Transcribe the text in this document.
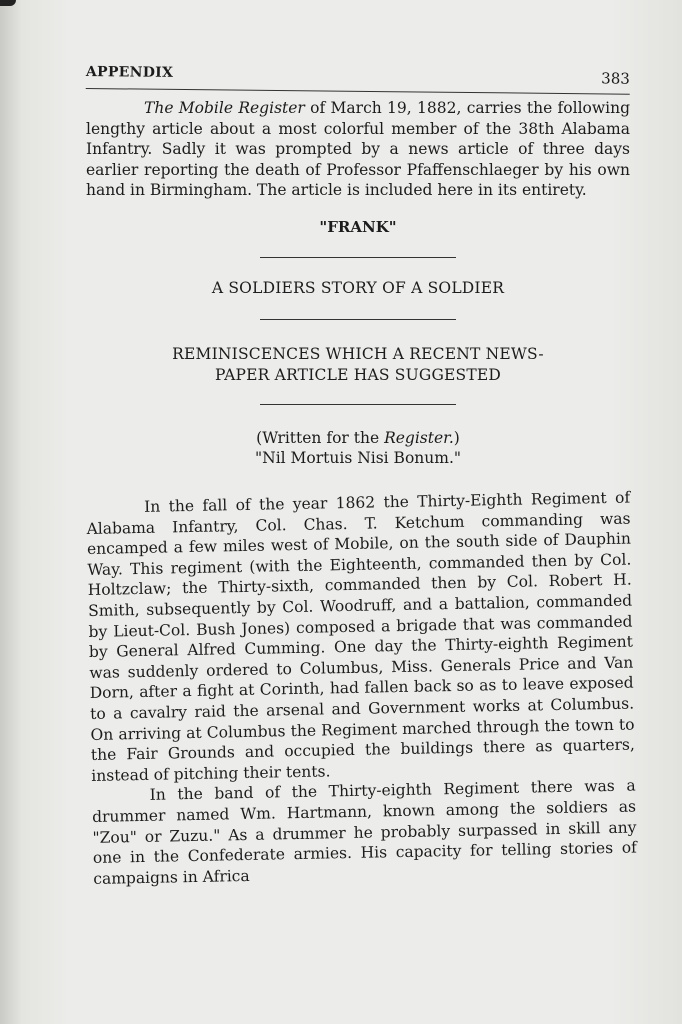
APPENDIX	383

The Mobile Register of March 19, 1882, carries the following lengthy article about a most colorful member of the 38th Alabama Infantry. Sadly it was prompted by a news article of three days earlier reporting the death of Professor Pfaffenschlaeger by his own hand in Birmingham. The article is included here in its entirety.

"FRANK"

A SOLDIERS STORY OF A SOLDIER

REMINISCENCES WHICH A RECENT NEWS-
PAPER ARTICLE HAS SUGGESTED
(Written for the Register.)
"Nil Mortuis Nisi Bonum."

In the fall of the year 1862 the Thirty-Eighth Regiment of Alabama Infantry, Col. Chas. T. Ketchum commanding was encamped a few miles west of Mobile, on the south side of Dauphin Way. This regiment (with the Eighteenth, commanded then by Col. Holtzclaw; the Thirty-sixth, commanded then by Col. Robert H. Smith, subsequently by Col. Woodruff, and a battalion, commanded by Lieut-Col. Bush Jones) composed a brigade that was commanded by General Alfred Cumming. One day the Thirty-eighth Regiment was suddenly ordered to Columbus, Miss. Generals Price and Van Dorn, after a fight at Corinth, had fallen back so as to leave exposed to a cavalry raid the arsenal and Government works at Columbus. On arriving at Columbus the Regiment marched through the town to the Fair Grounds and occupied the buildings there as quarters, instead of pitching their tents.

In the band of the Thirty-eighth Regiment there was a drummer named Wm. Hartmann, known among the soldiers as "Zou" or Zuzu." As a drummer he probably surpassed in skill any one in the Confederate armies. His capacity for telling stories of campaigns in Africa
